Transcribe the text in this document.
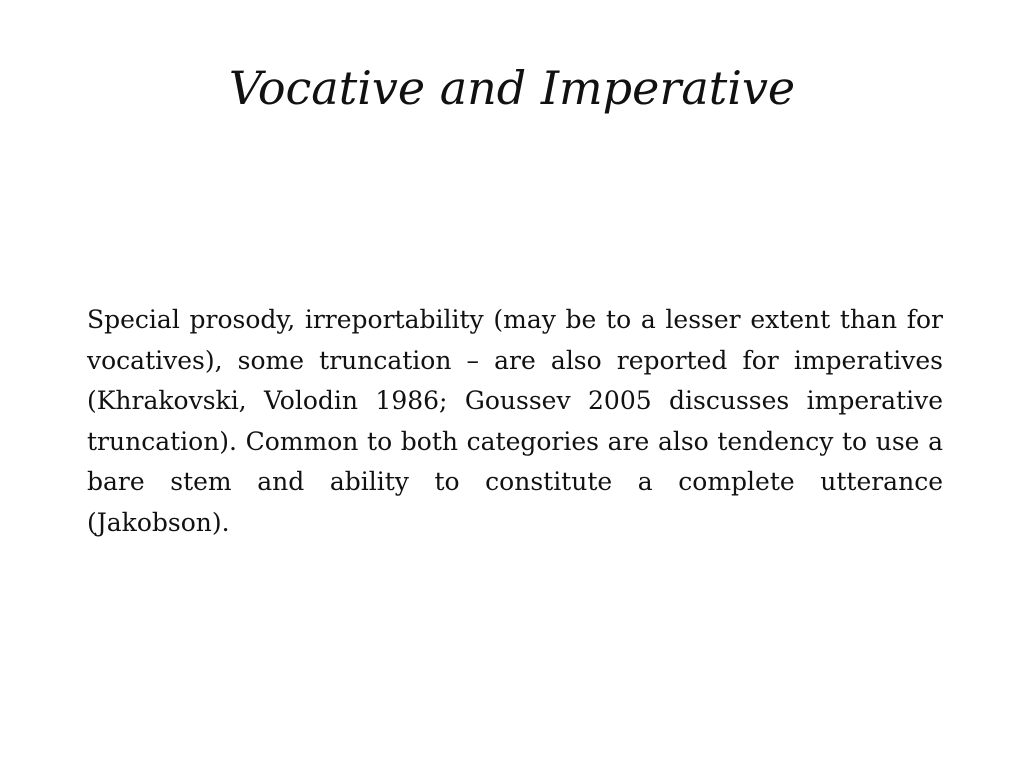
Vocative and Imperative

Special prosody, irreportability (may be to a lesser extent than for vocatives), some truncation – are also reported for imperatives (Khrakovski, Volodin 1986; Goussev 2005 discusses imperative truncation). Common to both categories are also tendency to use a bare stem and ability to constitute a complete utterance (Jakobson).
